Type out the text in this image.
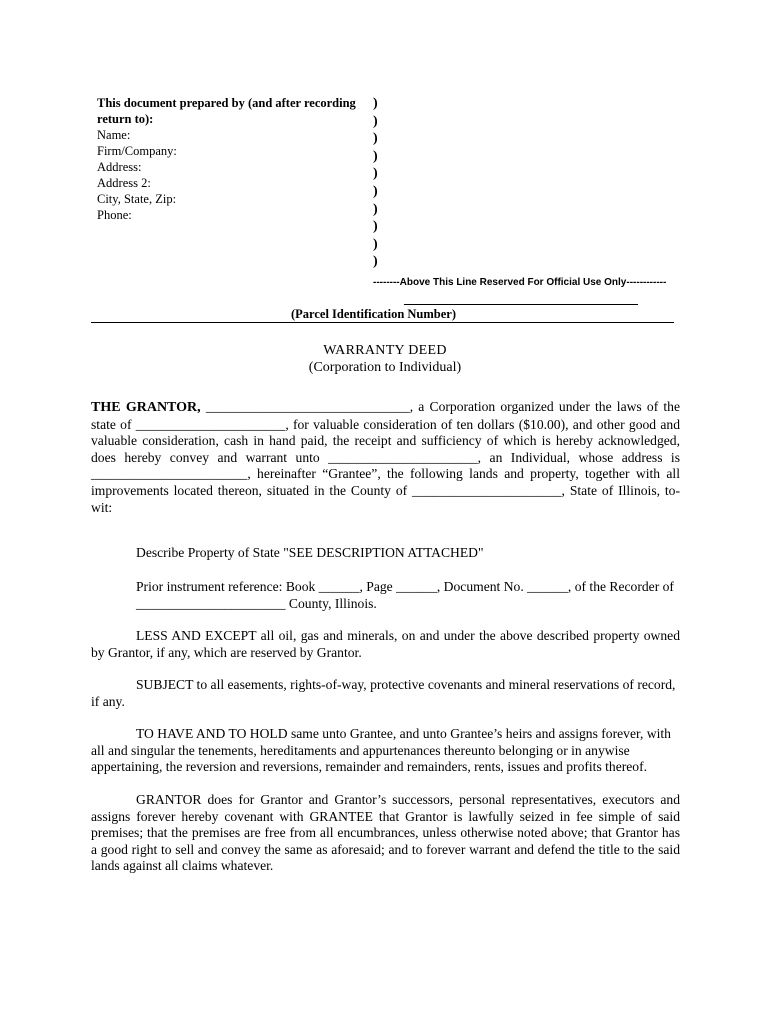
This document prepared by (and after recording
return to):
Name:
Firm/Company:
Address:
Address 2:
City, State, Zip:
Phone:
)
)
)
)
)
)
)
)
)
)
--------Above This Line Reserved For Official Use Only------------
(Parcel Identification Number)
WARRANTY DEED
(Corporation to Individual)

THE GRANTOR, ______________________________, a Corporation organized under the laws of the state of ______________________, for valuable consideration of ten dollars ($10.00), and other good and valuable consideration, cash in hand paid, the receipt and sufficiency of which is hereby acknowledged, does hereby convey and warrant unto ______________________, an Individual, whose address is _______________________, hereinafter “Grantee”, the following lands and property, together with all improvements located thereon, situated in the County of ______________________, State of Illinois, to-wit:

Describe Property of State "SEE DESCRIPTION ATTACHED"
Prior instrument reference: Book ______, Page ______, Document No. ______, of the Recorder of
______________________ County, Illinois.
LESS AND EXCEPT all oil, gas and minerals, on and under the above described property owned by Grantor, if any, which are reserved by Grantor.
SUBJECT to all easements, rights-of-way, protective covenants and mineral reservations of record, if any.
TO HAVE AND TO HOLD same unto Grantee, and unto Grantee’s heirs and assigns forever, with all and singular the tenements, hereditaments and appurtenances thereunto belonging or in anywise appertaining, the reversion and reversions, remainder and remainders, rents, issues and profits thereof.
GRANTOR does for Grantor and Grantor’s successors, personal representatives, executors and assigns forever hereby covenant with GRANTEE that Grantor is lawfully seized in fee simple of said premises; that the premises are free from all encumbrances, unless otherwise noted above; that Grantor has a good right to sell and convey the same as aforesaid; and to forever warrant and defend the title to the said lands against all claims whatever.
